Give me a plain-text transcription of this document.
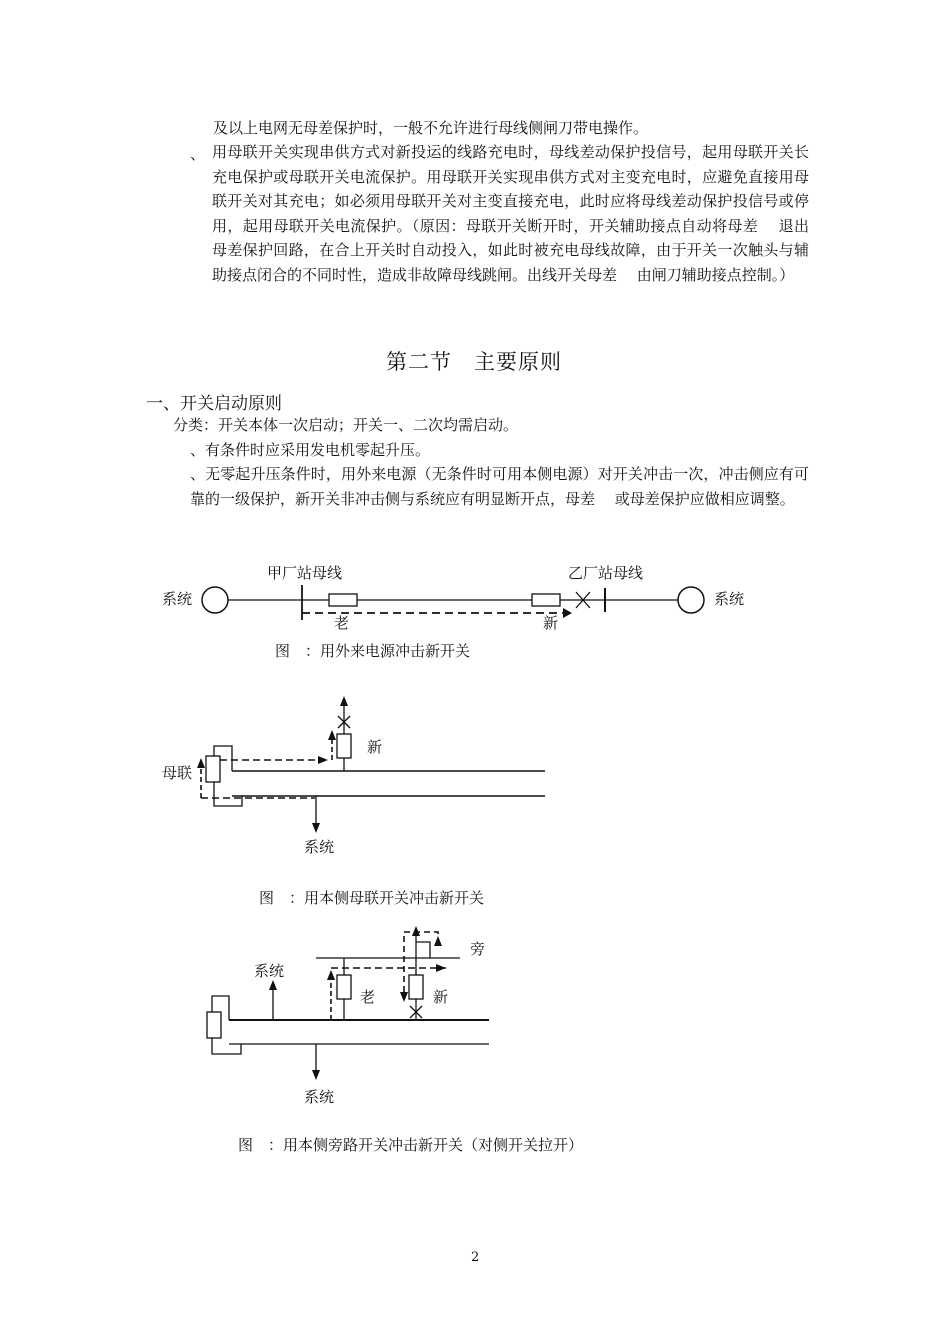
及以上电网无母差保护时，一般不允许进行母线侧闸刀带电操作。
、 用母联开关实现串供方式对新投运的线路充电时，母线差动保护投信号，起用母联开关长充电保护或母联开关电流保护。用母联开关实现串供方式对主变充电时，应避免直接用母联开关对其充电；如必须用母联开关对主变直接充电，此时应将母线差动保护投信号或停用，起用母联开关电流保护。（原因：母联开关断开时，开关辅助接点自动将母差　 退出母差保护回路，在合上开关时自动投入，如此时被充电母线故障，由于开关一次触头与辅助接点闭合的不同时性，造成非故障母线跳闸。出线开关母差　 由闸刀辅助接点控制。）
第二节　主要原则
一、开关启动原则
分类：开关本体一次启动；开关一、二次均需启动。
、有条件时应采用发电机零起升压。
、无零起升压条件时，用外来电源（无条件时可用本侧电源）对开关冲击一次，冲击侧应有可靠的一级保护，新开关非冲击侧与系统应有明显断开点，母差　 或母差保护应做相应调整。
甲厂站母线	乙厂站母线
系统	系统
老	新
图　：用外来电源冲击新开关
新
母联
系统
图　：用本侧母联开关冲击新开关
旁
系统
老	新
系统
图　：用本侧旁路开关冲击新开关（对侧开关拉开）
2
